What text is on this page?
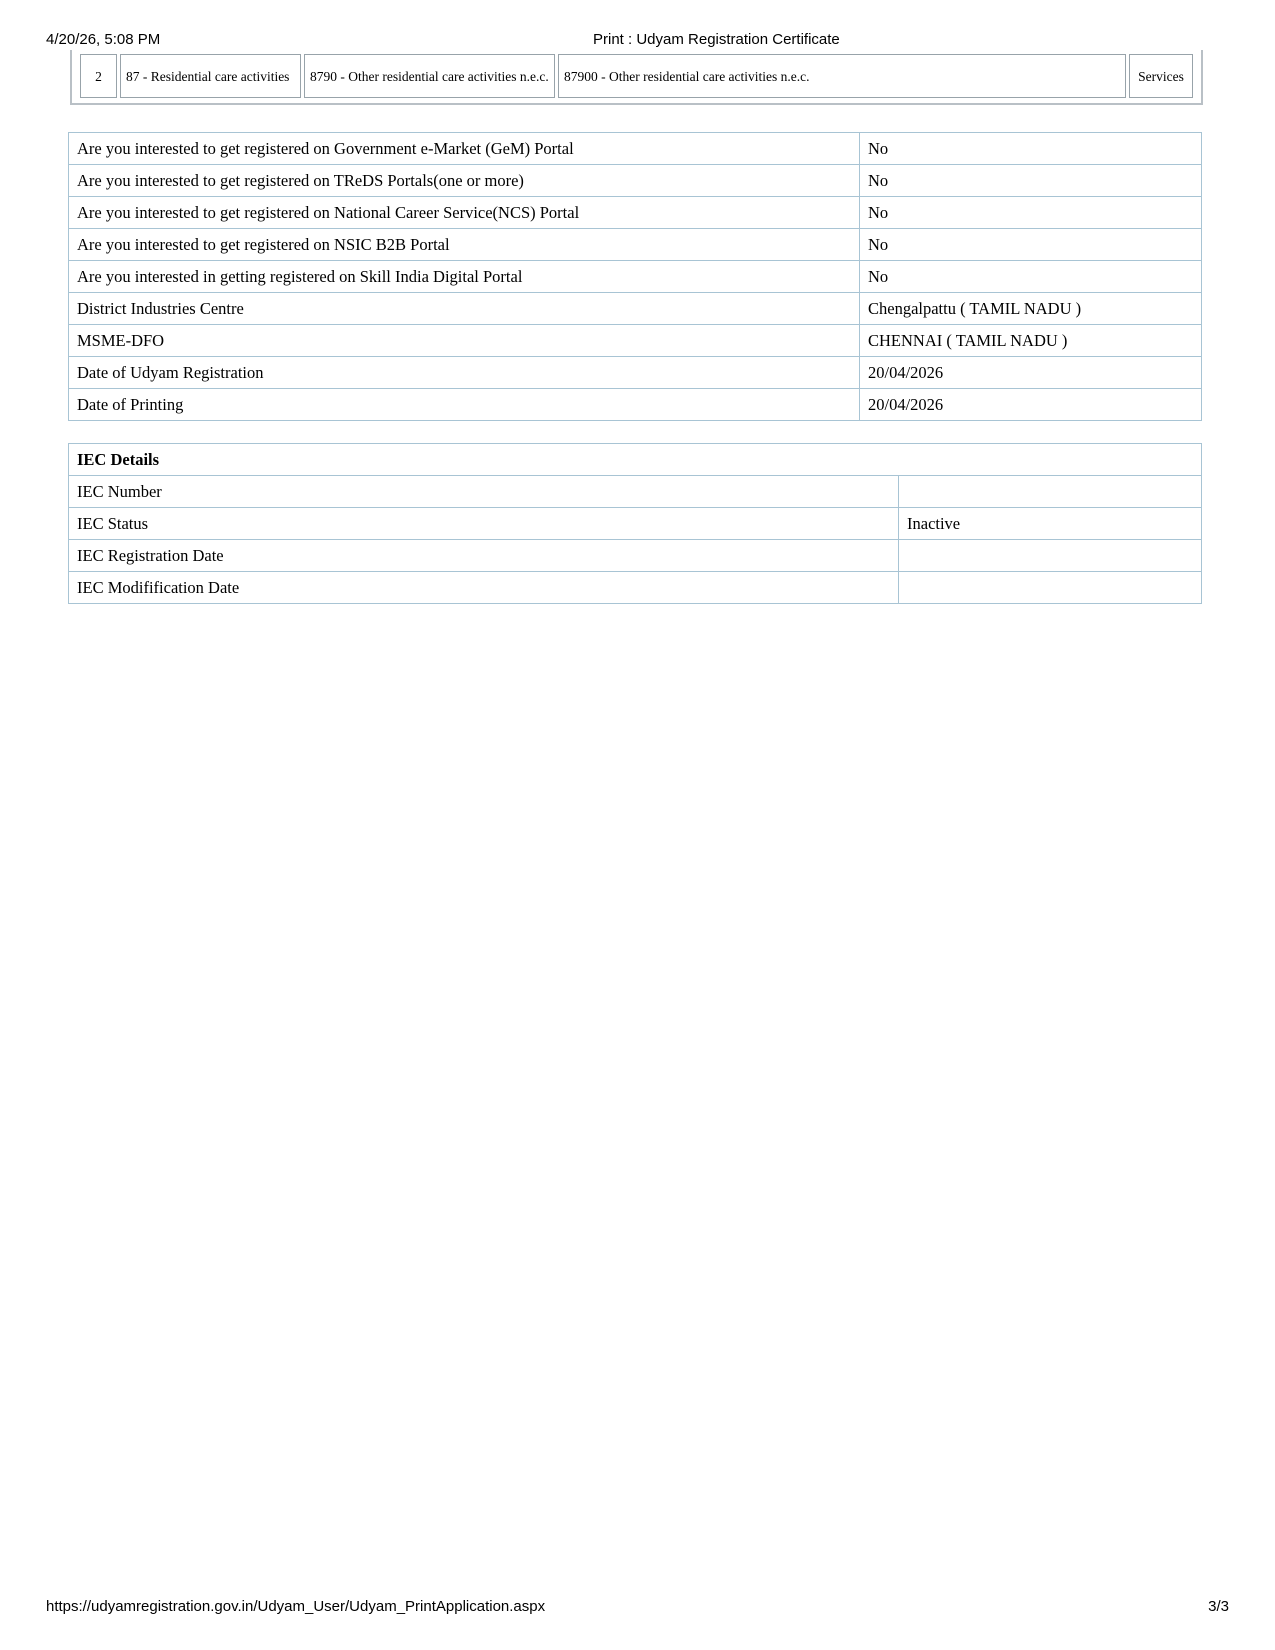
4/20/26, 5:08 PM	Print : Udyam Registration Certificate
2	87 - Residential care activities	8790 - Other residential care activities n.e.c.	87900 - Other residential care activities n.e.c.	Services
Are you interested to get registered on Government e-Market (GeM) Portal	No
Are you interested to get registered on TReDS Portals(one or more)	No
Are you interested to get registered on National Career Service(NCS) Portal	No
Are you interested to get registered on NSIC B2B Portal	No
Are you interested in getting registered on Skill India Digital Portal	No
District Industries Centre	Chengalpattu ( TAMIL NADU )
MSME-DFO	CHENNAI ( TAMIL NADU )
Date of Udyam Registration	20/04/2026
Date of Printing	20/04/2026
IEC Details	
IEC Number	
IEC Status	Inactive
IEC Registration Date	
IEC Modifification Date	
https://udyamregistration.gov.in/Udyam_User/Udyam_PrintApplication.aspx	3/3
